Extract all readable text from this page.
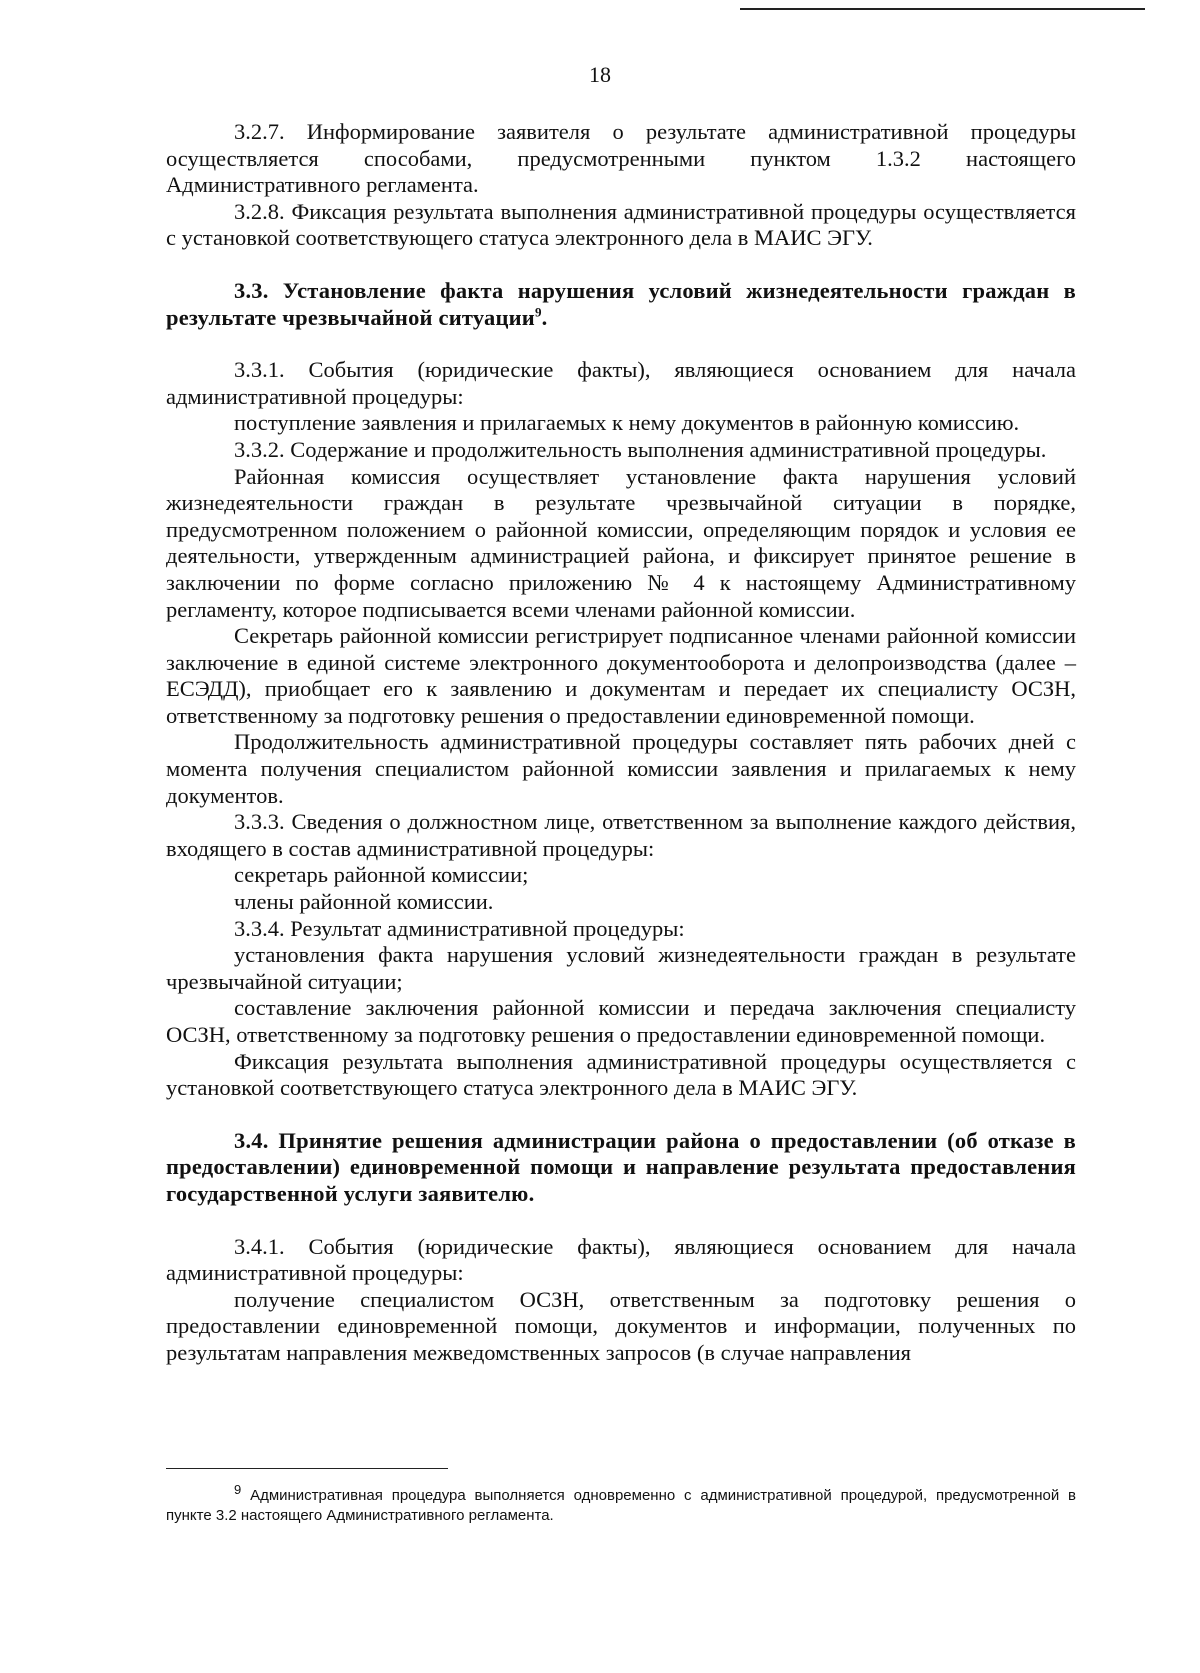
18

3.2.7. Информирование заявителя о результате административной процедуры осуществляется способами, предусмотренными пунктом 1.3.2 настоящего Административного регламента.

3.2.8. Фиксация результата выполнения административной процедуры осуществляется с установкой соответствующего статуса электронного дела в МАИС ЭГУ.

3.3. Установление факта нарушения условий жизнедеятельности граждан в результате чрезвычайной ситуации$^9$.

3.3.1. События (юридические факты), являющиеся основанием для начала административной процедуры:

поступление заявления и прилагаемых к нему документов в районную комиссию.

3.3.2. Содержание и продолжительность выполнения административной процедуры.

Районная комиссия осуществляет установление факта нарушения условий жизнедеятельности граждан в результате чрезвычайной ситуации в порядке, предусмотренном положением о районной комиссии, определяющим порядок и условия ее деятельности, утвержденным администрацией района, и фиксирует принятое решение в заключении по форме согласно приложению № 4 к настоящему Административному регламенту, которое подписывается всеми членами районной комиссии.

Секретарь районной комиссии регистрирует подписанное членами районной комиссии заключение в единой системе электронного документооборота и делопроизводства (далее – ЕСЭДД), приобщает его к заявлению и документам и передает их специалисту ОСЗН, ответственному за подготовку решения о предоставлении единовременной помощи.

Продолжительность административной процедуры составляет пять рабочих дней с момента получения специалистом районной комиссии заявления и прилагаемых к нему документов.

3.3.3. Сведения о должностном лице, ответственном за выполнение каждого действия, входящего в состав административной процедуры:

секретарь районной комиссии;

члены районной комиссии.

3.3.4. Результат административной процедуры:

установления факта нарушения условий жизнедеятельности граждан в результате чрезвычайной ситуации;

составление заключения районной комиссии и передача заключения специалисту ОСЗН, ответственному за подготовку решения о предоставлении единовременной помощи.

Фиксация результата выполнения административной процедуры осуществляется с установкой соответствующего статуса электронного дела в МАИС ЭГУ.

3.4. Принятие решения администрации района о предоставлении (об отказе в предоставлении) единовременной помощи и направление результата предоставления государственной услуги заявителю.

3.4.1. События (юридические факты), являющиеся основанием для начала административной процедуры:

получение специалистом ОСЗН, ответственным за подготовку решения о предоставлении единовременной помощи, документов и информации, полученных по результатам направления межведомственных запросов (в случае направления

$^9$ Административная процедура выполняется одновременно с административной процедурой, предусмотренной в пункте 3.2 настоящего Административного регламента.
